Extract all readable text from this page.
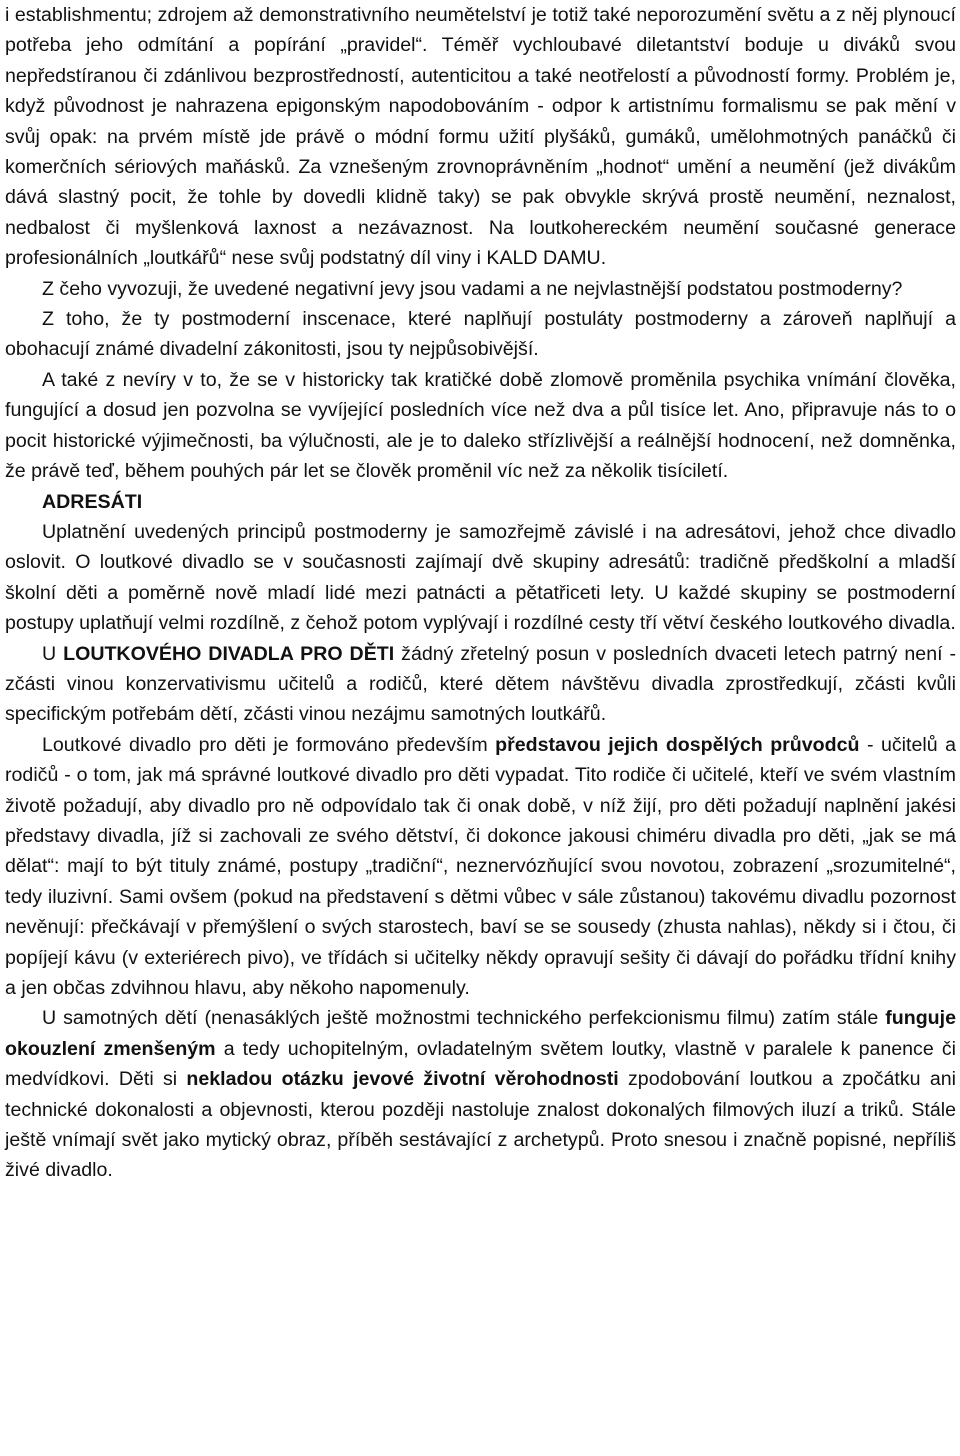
i establishmentu; zdrojem až demonstrativního neumětelství je totiž také neporozumění světu a z něj plynoucí potřeba jeho odmítání a popírání „pravidel“. Téměř vychloubavé diletantství boduje u diváků svou nepředstíranou či zdánlivou bezprostředností, autenticitou a také neotřelostí a původností formy. Problém je, když původnost je nahrazena epigonským napodobováním - odpor k artistnímu formalismu se pak mění v svůj opak: na prvém místě jde právě o módní formu užití plyšáků, gumáků, umělohmotných panáčků či komerčních sériových maňásků. Za vznešeným zrovnoprávněním „hodnot“ umění a neumění (jež divákům dává slastný pocit, že tohle by dovedli klidně taky) se pak obvykle skrývá prostě neumění, neznalost, nedbalost či myšlenková laxnost a nezávaznost. Na loutkohereckém neumění současné generace profesionálních „loutkářů“ nese svůj podstatný díl viny i KALD DAMU.

Z čeho vyvozuji, že uvedené negativní jevy jsou vadami a ne nejvlastnější podstatou postmoderny?

Z toho, že ty postmoderní inscenace, které naplňují postuláty postmoderny a zároveň naplňují a obohacují známé divadelní zákonitosti, jsou ty nejpůsobivější.

A také z nevíry v to, že se v historicky tak kratičké době zlomově proměnila psychika vnímání člověka, fungující a dosud jen pozvolna se vyvíjející posledních více než dva a půl tisíce let. Ano, připravuje nás to o pocit historické výjimečnosti, ba výlučnosti, ale je to daleko střízlivější a reálnější hodnocení, než domněnka, že právě teď, během pouhých pár let se člověk proměnil víc než za několik tisíciletí.

ADRESÁTI

Uplatnění uvedených principů postmoderny je samozřejmě závislé i na adresátovi, jehož chce divadlo oslovit. O loutkové divadlo se v současnosti zajímají dvě skupiny adresátů: tradičně předškolní a mladší školní děti a poměrně nově mladí lidé mezi patnácti a pětatřiceti lety. U každé skupiny se postmoderní postupy uplatňují velmi rozdílně, z čehož potom vyplývají i rozdílné cesty tří větví českého loutkového divadla.

U LOUTKOVÉHO DIVADLA PRO DĚTI žádný zřetelný posun v posledních dvaceti letech patrný není - zčásti vinou konzervativismu učitelů a rodičů, které dětem návštěvu divadla zprostředkují, zčásti kvůli specifickým potřebám dětí, zčásti vinou nezájmu samotných loutkářů.

Loutkové divadlo pro děti je formováno především představou jejich dospělých průvodců - učitelů a rodičů - o tom, jak má správné loutkové divadlo pro děti vypadat. Tito rodiče či učitelé, kteří ve svém vlastním životě požadují, aby divadlo pro ně odpovídalo tak či onak době, v níž žijí, pro děti požadují naplnění jakési představy divadla, jíž si zachovali ze svého dětství, či dokonce jakousi chiméru divadla pro děti, „jak se má dělat“: mají to být tituly známé, postupy „tradiční“, neznervózňující svou novotou, zobrazení „srozumitelné“, tedy iluzivní. Sami ovšem (pokud na představení s dětmi vůbec v sále zůstanou) takovému divadlu pozornost nevěnují: přečkávají v přemýšlení o svých starostech, baví se se sousedy (zhusta nahlas), někdy si i čtou, či popíjejí kávu (v exteriérech pivo), ve třídách si učitelky někdy opravují sešity či dávají do pořádku třídní knihy a jen občas zdvihnou hlavu, aby někoho napomenuly.

U samotných dětí (nenasáklých ještě možnostmi technického perfekcionismu filmu) zatím stále funguje okouzlení zmenšeným a tedy uchopitelným, ovladatelným světem loutky, vlastně v paralele k panence či medvídkovi. Děti si nekladou otázku jevové životní věrohodnosti zpodobování loutkou a zpočátku ani technické dokonalosti a objevnosti, kterou později nastoluje znalost dokonalých filmových iluzí a triků. Stále ještě vnímají svět jako mytický obraz, příběh sestávající z archetypů. Proto snesou i značně popisné, nepříliš živé divadlo.
